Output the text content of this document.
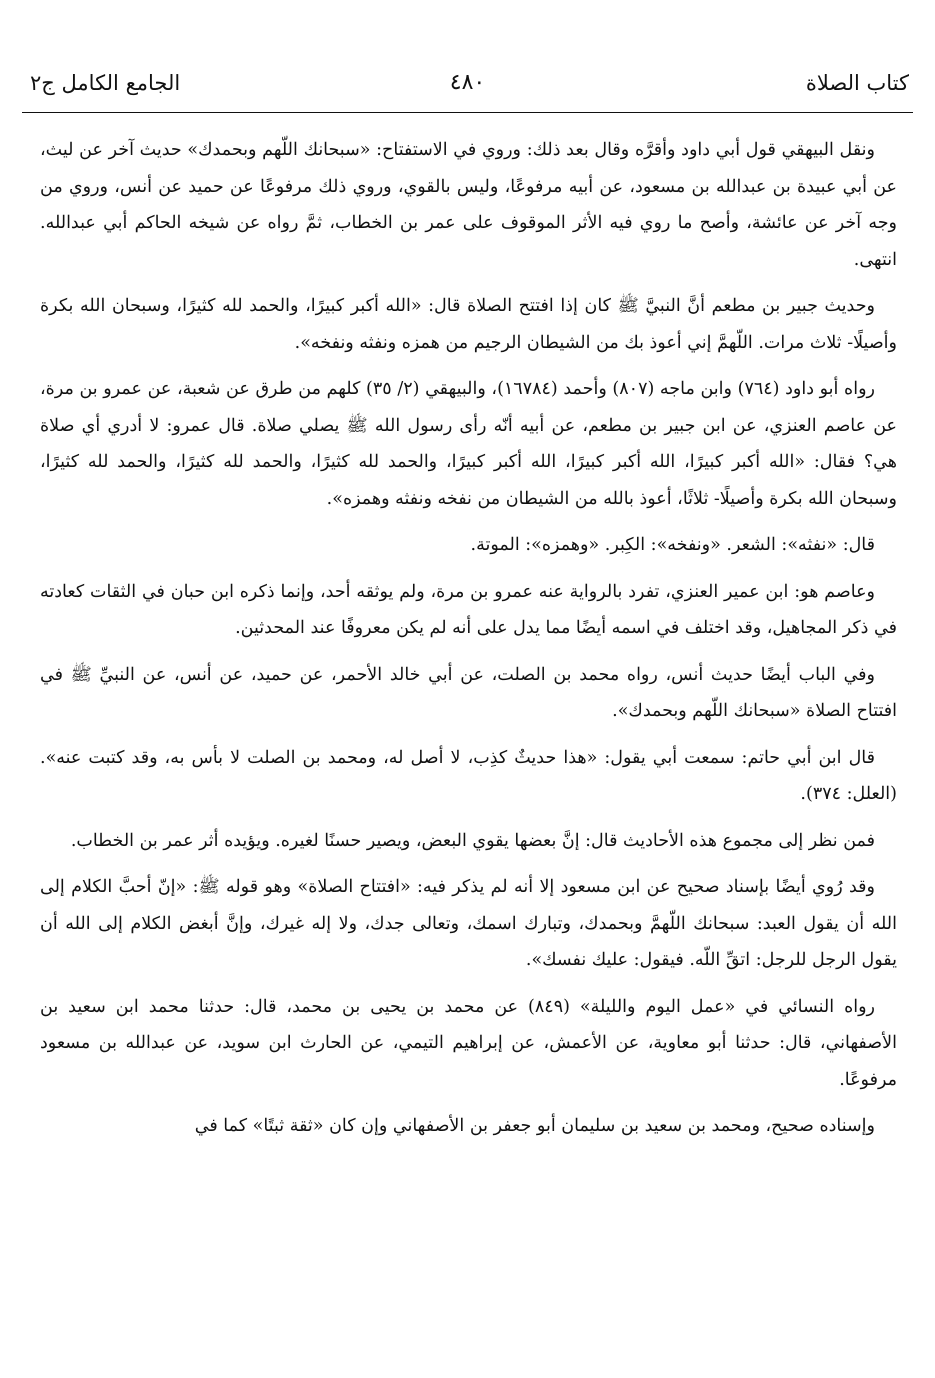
كتاب الصلاة
٤٨٠
الجامع الكامل ج٢

ونقل البيهقي قول أبي داود وأقرَّه وقال بعد ذلك: وروي في الاستفتاح: «سبحانك اللّهم وبحمدك» حديث آخر عن ليث، عن أبي عبيدة بن عبدالله بن مسعود، عن أبيه مرفوعًا، وليس بالقوي، وروي ذلك مرفوعًا عن حميد عن أنس، وروي من وجه آخر عن عائشة، وأصح ما روي فيه الأثر الموقوف على عمر بن الخطاب، ثمَّ رواه عن شيخه الحاكم أبي عبدالله. انتهى.

وحديث جبير بن مطعم أنَّ النبيَّ ﷺ كان إذا افتتح الصلاة قال: «الله أكبر كبيرًا، والحمد لله كثيرًا، وسبحان الله بكرة وأصيلًا- ثلاث مرات. اللّهمَّ إني أعوذ بك من الشيطان الرجيم من همزه ونفثه ونفخه».

رواه أبو داود (٧٦٤) وابن ماجه (٨٠٧) وأحمد (١٦٧٨٤)، والبيهقي (٢/ ٣٥) كلهم من طرق عن شعبة، عن عمرو بن مرة، عن عاصم العنزي، عن ابن جبير بن مطعم، عن أبيه أنّه رأى رسول الله ﷺ يصلي صلاة. قال عمرو: لا أدري أي صلاة هي؟ فقال: «الله أكبر كبيرًا، الله أكبر كبيرًا، الله أكبر كبيرًا، والحمد لله كثيرًا، والحمد لله كثيرًا، والحمد لله كثيرًا، وسبحان الله بكرة وأصيلًا- ثلاثًا، أعوذ بالله من الشيطان من نفخه ونفثه وهمزه».

قال: «نفثه»: الشعر. «ونفخه»: الكِبر. «وهمزه»: الموتة.

وعاصم هو: ابن عمير العنزي، تفرد بالرواية عنه عمرو بن مرة، ولم يوثقه أحد، وإنما ذكره ابن حبان في الثقات كعادته في ذكر المجاهيل، وقد اختلف في اسمه أيضًا مما يدل على أنه لم يكن معروفًا عند المحدثين.

وفي الباب أيضًا حديث أنس، رواه محمد بن الصلت، عن أبي خالد الأحمر، عن حميد، عن أنس، عن النبيِّ ﷺ في افتتاح الصلاة «سبحانك اللّهم وبحمدك».

قال ابن أبي حاتم: سمعت أبي يقول: «هذا حديثٌ كذِب، لا أصل له، ومحمد بن الصلت لا بأس به، وقد كتبت عنه». (العلل: ٣٧٤).

فمن نظر إلى مجموع هذه الأحاديث قال: إنَّ بعضها يقوي البعض، ويصير حسنًا لغيره. ويؤيده أثر عمر بن الخطاب.

وقد رُوي أيضًا بإسناد صحيح عن ابن مسعود إلا أنه لم يذكر فيه: «افتتاح الصلاة» وهو قوله ﷺ: «إنّ أحبَّ الكلام إلى الله أن يقول العبد: سبحانك اللّهمَّ وبحمدك، وتبارك اسمك، وتعالى جدك، ولا إله غيرك، وإنَّ أبغض الكلام إلى الله أن يقول الرجل للرجل: اتقِّ اللّه. فيقول: عليك نفسك».

رواه النسائي في «عمل اليوم والليلة» (٨٤٩) عن محمد بن يحيى بن محمد، قال: حدثنا محمد ابن سعيد بن الأصفهاني، قال: حدثنا أبو معاوية، عن الأعمش، عن إبراهيم التيمي، عن الحارث ابن سويد، عن عبدالله بن مسعود مرفوعًا.

وإسناده صحيح، ومحمد بن سعيد بن سليمان أبو جعفر بن الأصفهاني وإن كان «ثقة ثبتًا» كما في
